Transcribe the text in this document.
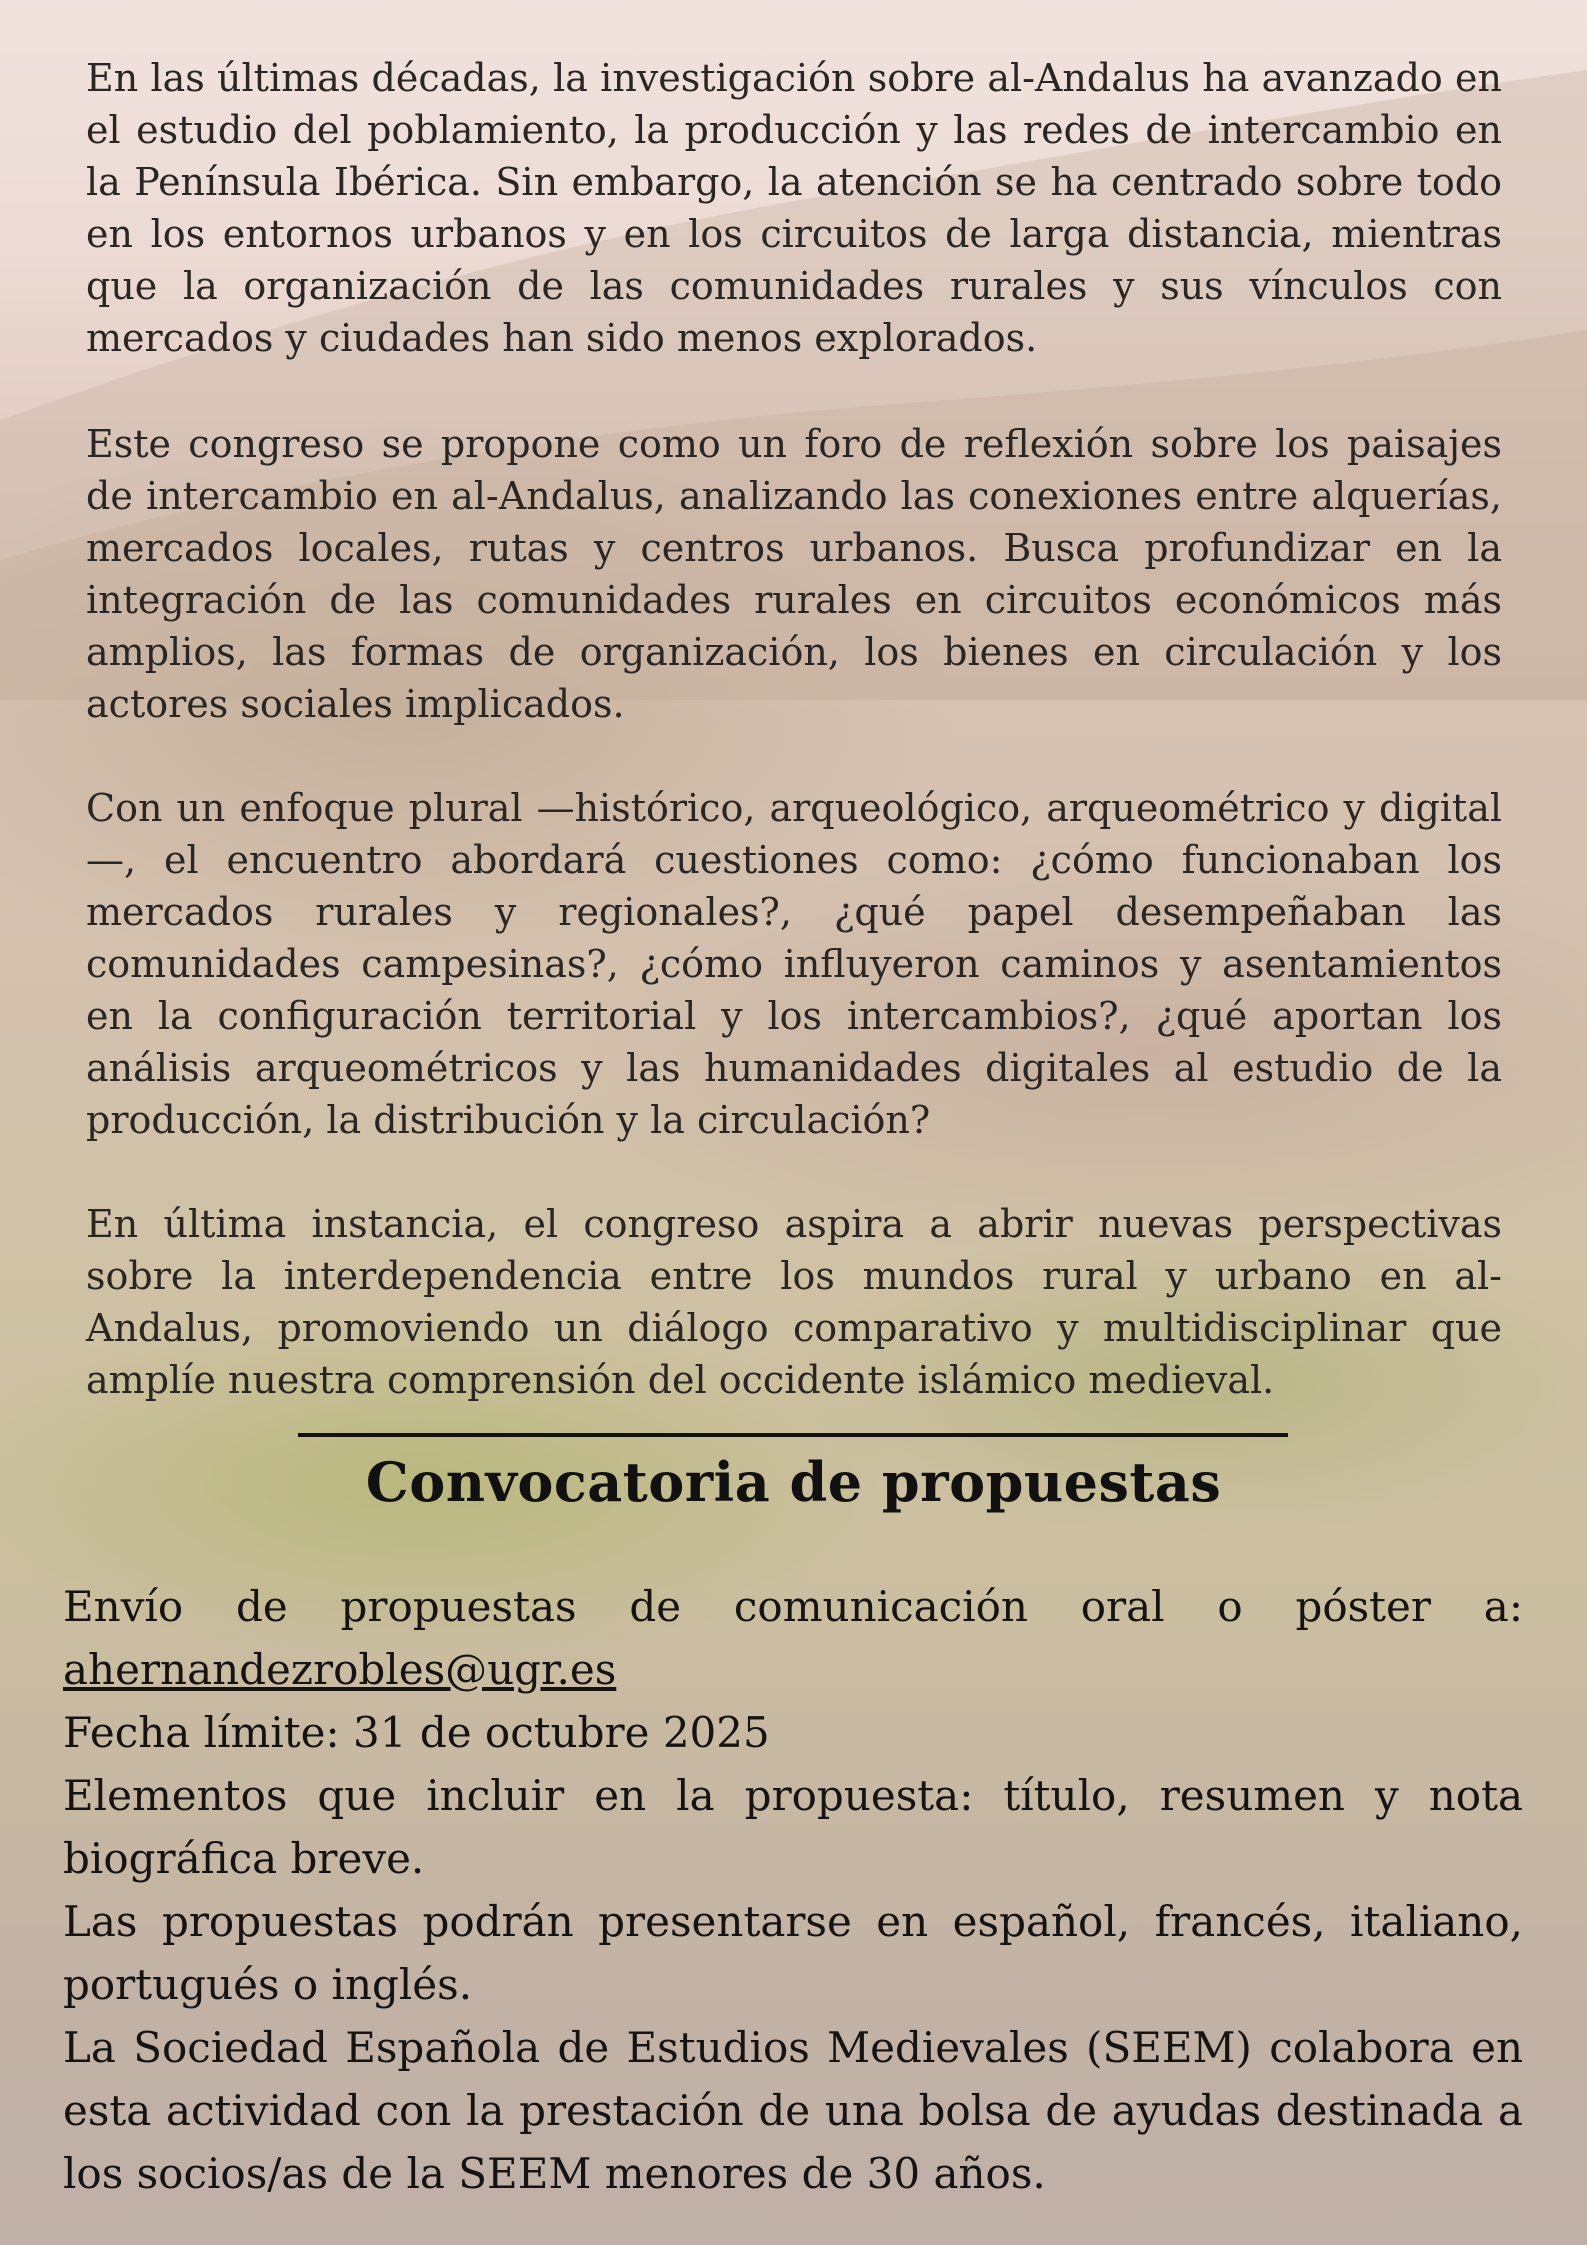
En las últimas décadas, la investigación sobre al-Andalus ha avanzado en el estudio del poblamiento, la producción y las redes de intercambio en la Península Ibérica. Sin embargo, la atención se ha centrado sobre todo en los entornos urbanos y en los circuitos de larga distancia, mientras que la organización de las comunidades rurales y sus vínculos con mercados y ciudades han sido menos explorados.

Este congreso se propone como un foro de reflexión sobre los paisajes de intercambio en al-Andalus, analizando las conexiones entre alquerías, mercados locales, rutas y centros urbanos. Busca profundizar en la integración de las comunidades rurales en circuitos económicos más amplios, las formas de organización, los bienes en circulación y los actores sociales implicados.

Con un enfoque plural —histórico, arqueológico, arqueométrico y digital—, el encuentro abordará cuestiones como: ¿cómo funcionaban los mercados rurales y regionales?, ¿qué papel desempeñaban las comunidades campesinas?, ¿cómo influyeron caminos y asentamientos en la configuración territorial y los intercambios?, ¿qué aportan los análisis arqueométricos y las humanidades digitales al estudio de la producción, la distribución y la circulación?

En última instancia, el congreso aspira a abrir nuevas perspectivas sobre la interdependencia entre los mundos rural y urbano en al-Andalus, promoviendo un diálogo comparativo y multidisciplinar que amplíe nuestra comprensión del occidente islámico medieval.

Convocatoria de propuestas
Envío de propuestas de comunicación oral o póster a:
ahernandezrobles@ugr.es
Fecha límite: 31 de octubre 2025
Elementos que incluir en la propuesta: título, resumen y nota biográfica breve.
Las propuestas podrán presentarse en español, francés, italiano, portugués o inglés.
La Sociedad Española de Estudios Medievales (SEEM) colabora en esta actividad con la prestación de una bolsa de ayudas destinada a los socios/as de la SEEM menores de 30 años.
